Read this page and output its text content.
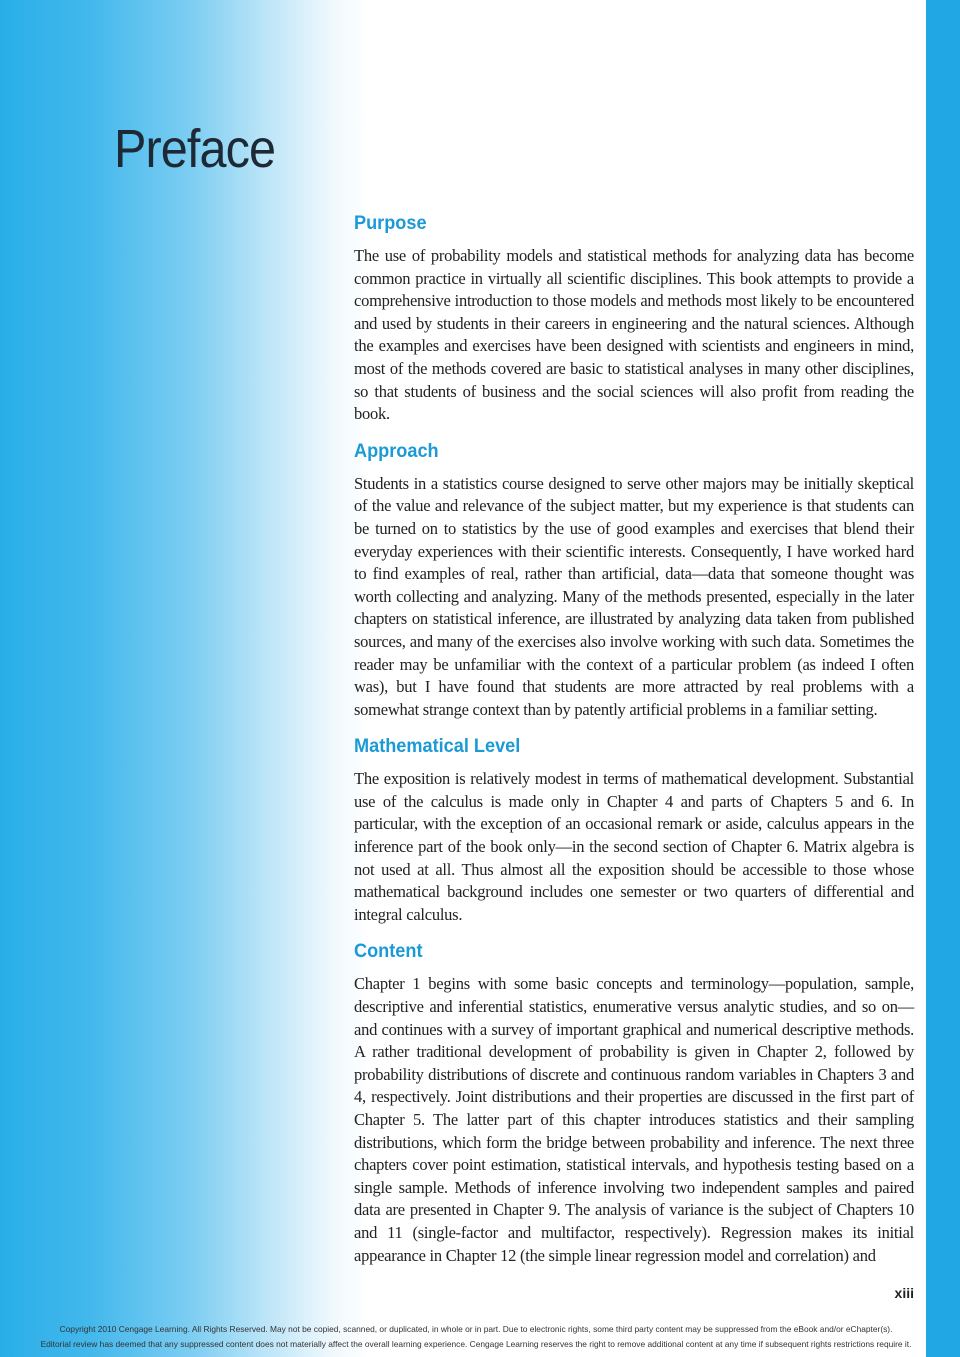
Preface
Purpose

The use of probability models and statistical methods for analyzing data has become common practice in virtually all scientific disciplines. This book attempts to provide a comprehensive introduction to those models and methods most likely to be encountered and used by students in their careers in engineering and the natural sciences. Although the examples and exercises have been designed with scientists and engineers in mind, most of the methods covered are basic to statistical analyses in many other disciplines, so that students of business and the social sciences will also profit from reading the book.

Approach

Students in a statistics course designed to serve other majors may be initially skeptical of the value and relevance of the subject matter, but my experience is that students can be turned on to statistics by the use of good examples and exercises that blend their everyday experiences with their scientific interests. Consequently, I have worked hard to find examples of real, rather than artificial, data—data that someone thought was worth collecting and analyzing. Many of the methods presented, especially in the later chapters on statistical inference, are illustrated by analyzing data taken from published sources, and many of the exercises also involve working with such data. Sometimes the reader may be unfamiliar with the context of a particular problem (as indeed I often was), but I have found that students are more attracted by real problems with a somewhat strange context than by patently artificial problems in a familiar setting.

Mathematical Level

The exposition is relatively modest in terms of mathematical development. Substantial use of the calculus is made only in Chapter 4 and parts of Chapters 5 and 6. In particular, with the exception of an occasional remark or aside, calculus appears in the inference part of the book only—in the second section of Chapter 6. Matrix algebra is not used at all. Thus almost all the exposition should be accessible to those whose mathematical background includes one semester or two quarters of differential and integral calculus.

Content

Chapter 1 begins with some basic concepts and terminology—population, sample, descriptive and inferential statistics, enumerative versus analytic studies, and so on—and continues with a survey of important graphical and numerical descriptive methods. A rather traditional development of probability is given in Chapter 2, followed by probability distributions of discrete and continuous random variables in Chapters 3 and 4, respectively. Joint distributions and their properties are discussed in the first part of Chapter 5. The latter part of this chapter introduces statistics and their sampling distributions, which form the bridge between probability and inference. The next three chapters cover point estimation, statistical intervals, and hypothesis testing based on a single sample. Methods of inference involving two independent samples and paired data are presented in Chapter 9. The analysis of variance is the subject of Chapters 10 and 11 (single-factor and multifactor, respectively). Regression makes its initial appearance in Chapter 12 (the simple linear regression model and correlation) and

xiii
Copyright 2010 Cengage Learning. All Rights Reserved. May not be copied, scanned, or duplicated, in whole or in part. Due to electronic rights, some third party content may be suppressed from the eBook and/or eChapter(s).
Editorial review has deemed that any suppressed content does not materially affect the overall learning experience. Cengage Learning reserves the right to remove additional content at any time if subsequent rights restrictions require it.
